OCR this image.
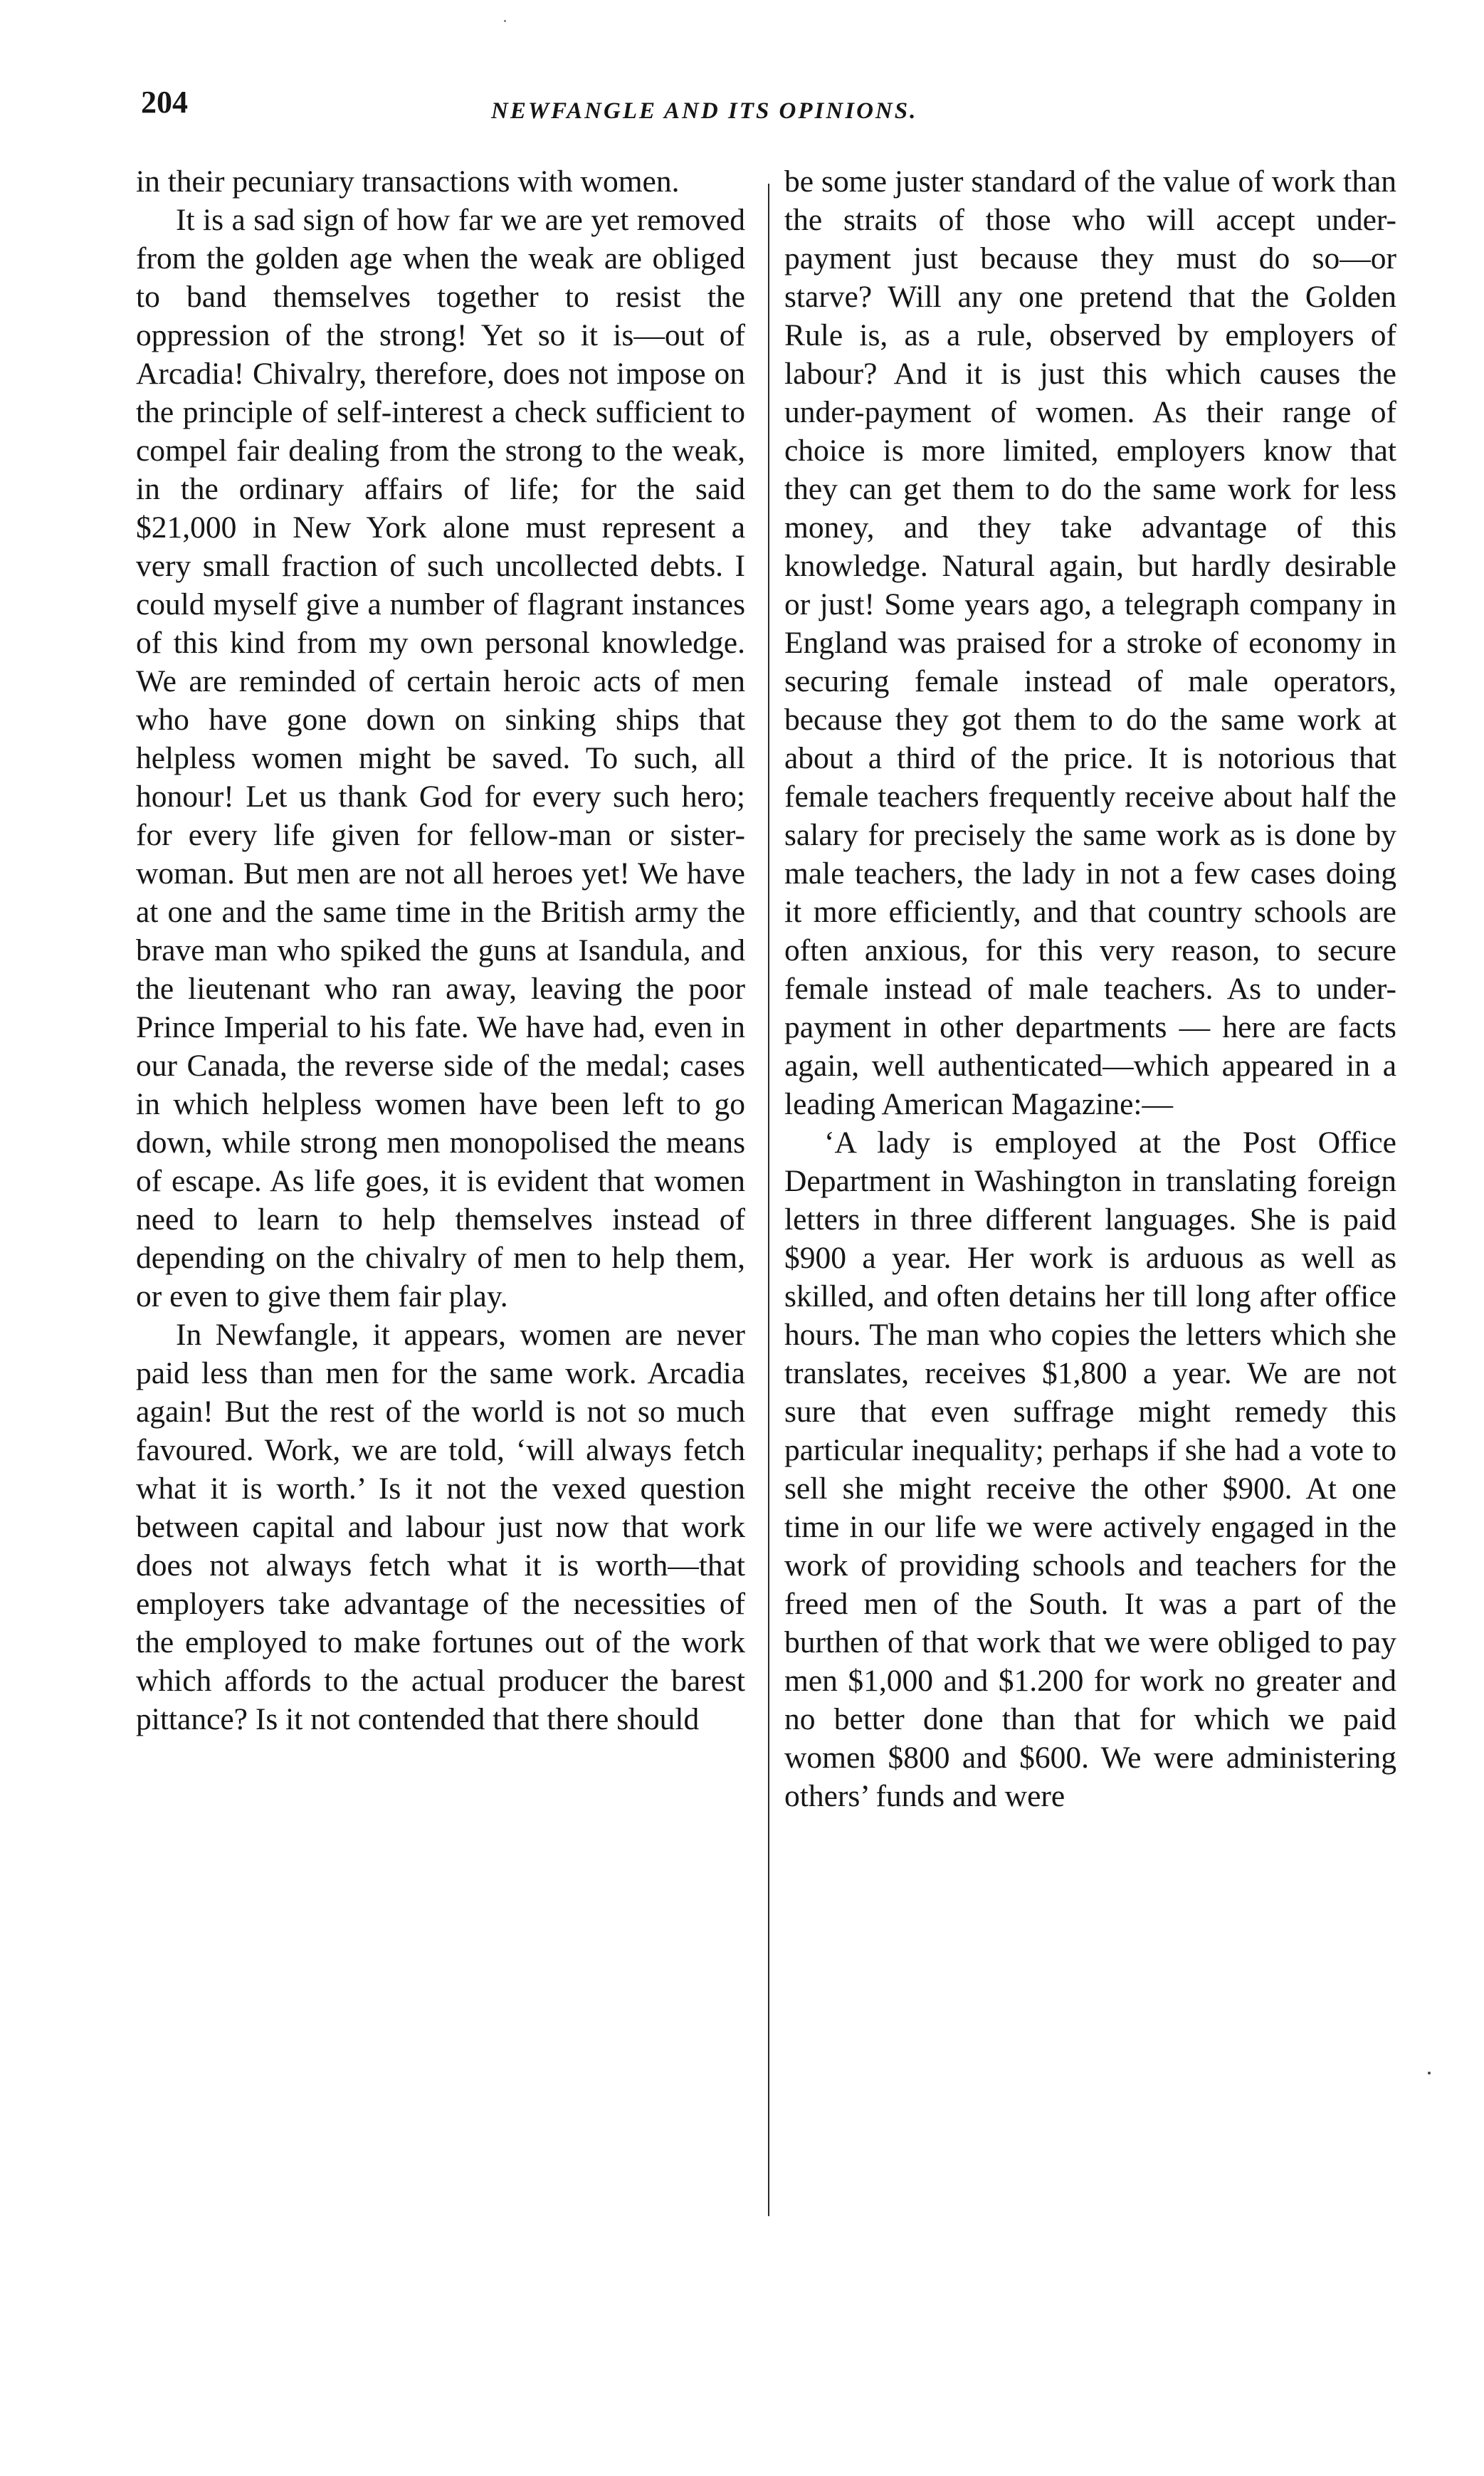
204	NEWFANGLE AND ITS OPINIONS.

in their pecuniary transactions with women.

It is a sad sign of how far we are yet removed from the golden age when the weak are obliged to band themselves together to resist the oppression of the strong! Yet so it is—out of Arcadia! Chivalry, therefore, does not impose on the principle of self-interest a check sufficient to compel fair dealing from the strong to the weak, in the ordinary affairs of life; for the said $21,000 in New York alone must represent a very small fraction of such uncollected debts. I could myself give a number of flagrant instances of this kind from my own personal knowledge. We are reminded of certain heroic acts of men who have gone down on sinking ships that helpless women might be saved. To such, all honour! Let us thank God for every such hero; for every life given for fellow-man or sister-woman. But men are not all heroes yet! We have at one and the same time in the British army the brave man who spiked the guns at Isandula, and the lieutenant who ran away, leaving the poor Prince Imperial to his fate. We have had, even in our Canada, the reverse side of the medal; cases in which helpless women have been left to go down, while strong men monopolised the means of escape. As life goes, it is evident that women need to learn to help themselves instead of depending on the chivalry of men to help them, or even to give them fair play.

In Newfangle, it appears, women are never paid less than men for the same work. Arcadia again! But the rest of the world is not so much favoured. Work, we are told, ‘will always fetch what it is worth.’ Is it not the vexed question between capital and labour just now that work does not always fetch what it is worth—that employers take advantage of the necessities of the employed to make fortunes out of the work which affords to the actual producer the barest pittance? Is it not contended that there should

be some juster standard of the value of work than the straits of those who will accept under-payment just because they must do so—or starve? Will any one pretend that the Golden Rule is, as a rule, observed by employers of labour? And it is just this which causes the under-payment of women. As their range of choice is more limited, employers know that they can get them to do the same work for less money, and they take advantage of this knowledge. Natural again, but hardly desirable or just! Some years ago, a telegraph company in England was praised for a stroke of economy in securing female instead of male operators, because they got them to do the same work at about a third of the price. It is notorious that female teachers frequently receive about half the salary for precisely the same work as is done by male teachers, the lady in not a few cases doing it more efficiently, and that country schools are often anxious, for this very reason, to secure female instead of male teachers. As to under-payment in other departments — here are facts again, well authenticated—which appeared in a leading American Magazine:—

‘A lady is employed at the Post Office Department in Washington in translating foreign letters in three different languages. She is paid $900 a year. Her work is arduous as well as skilled, and often detains her till long after office hours. The man who copies the letters which she translates, receives $1,800 a year. We are not sure that even suffrage might remedy this particular inequality; perhaps if she had a vote to sell she might receive the other $900. At one time in our life we were actively engaged in the work of providing schools and teachers for the freed men of the South. It was a part of the burthen of that work that we were obliged to pay men $1,000 and $1.200 for work no greater and no better done than that for which we paid women $800 and $600. We were administering others’ funds and were
